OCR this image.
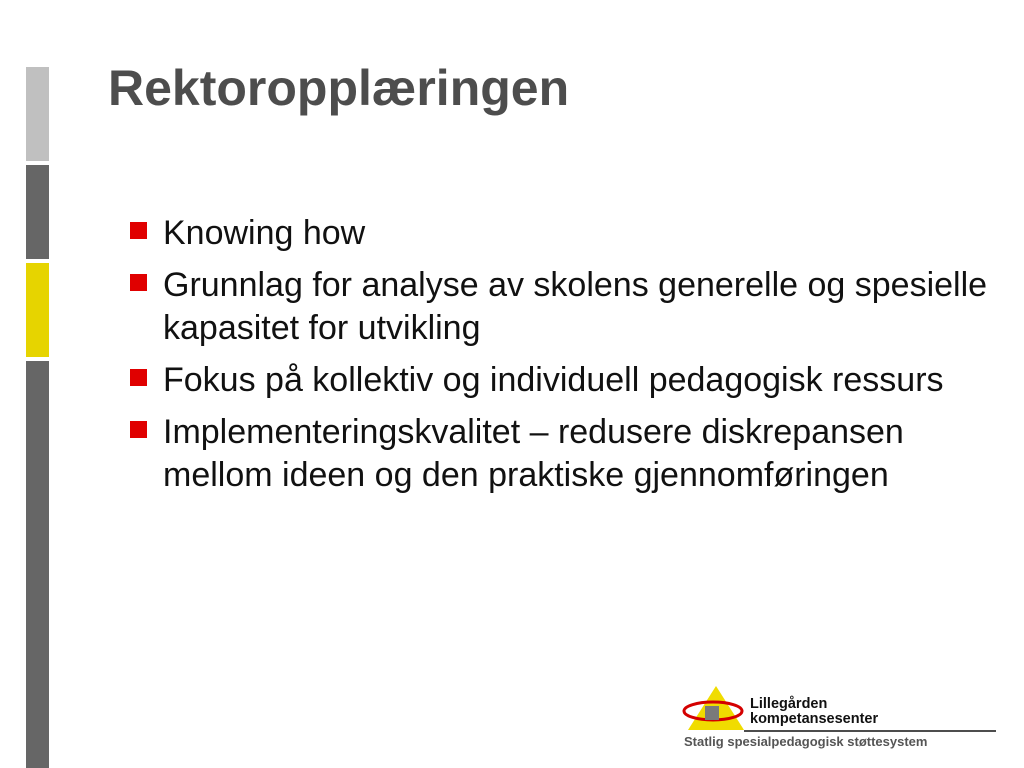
Rektoropplæringen
Knowing how
Grunnlag for analyse av skolens generelle og spesielle kapasitet for utvikling
Fokus på kollektiv og individuell pedagogisk ressurs
Implementeringskvalitet – redusere diskrepansen mellom ideen og den praktiske gjennomføringen
Lillegården
kompetansesenter
Statlig spesialpedagogisk støttesystem
